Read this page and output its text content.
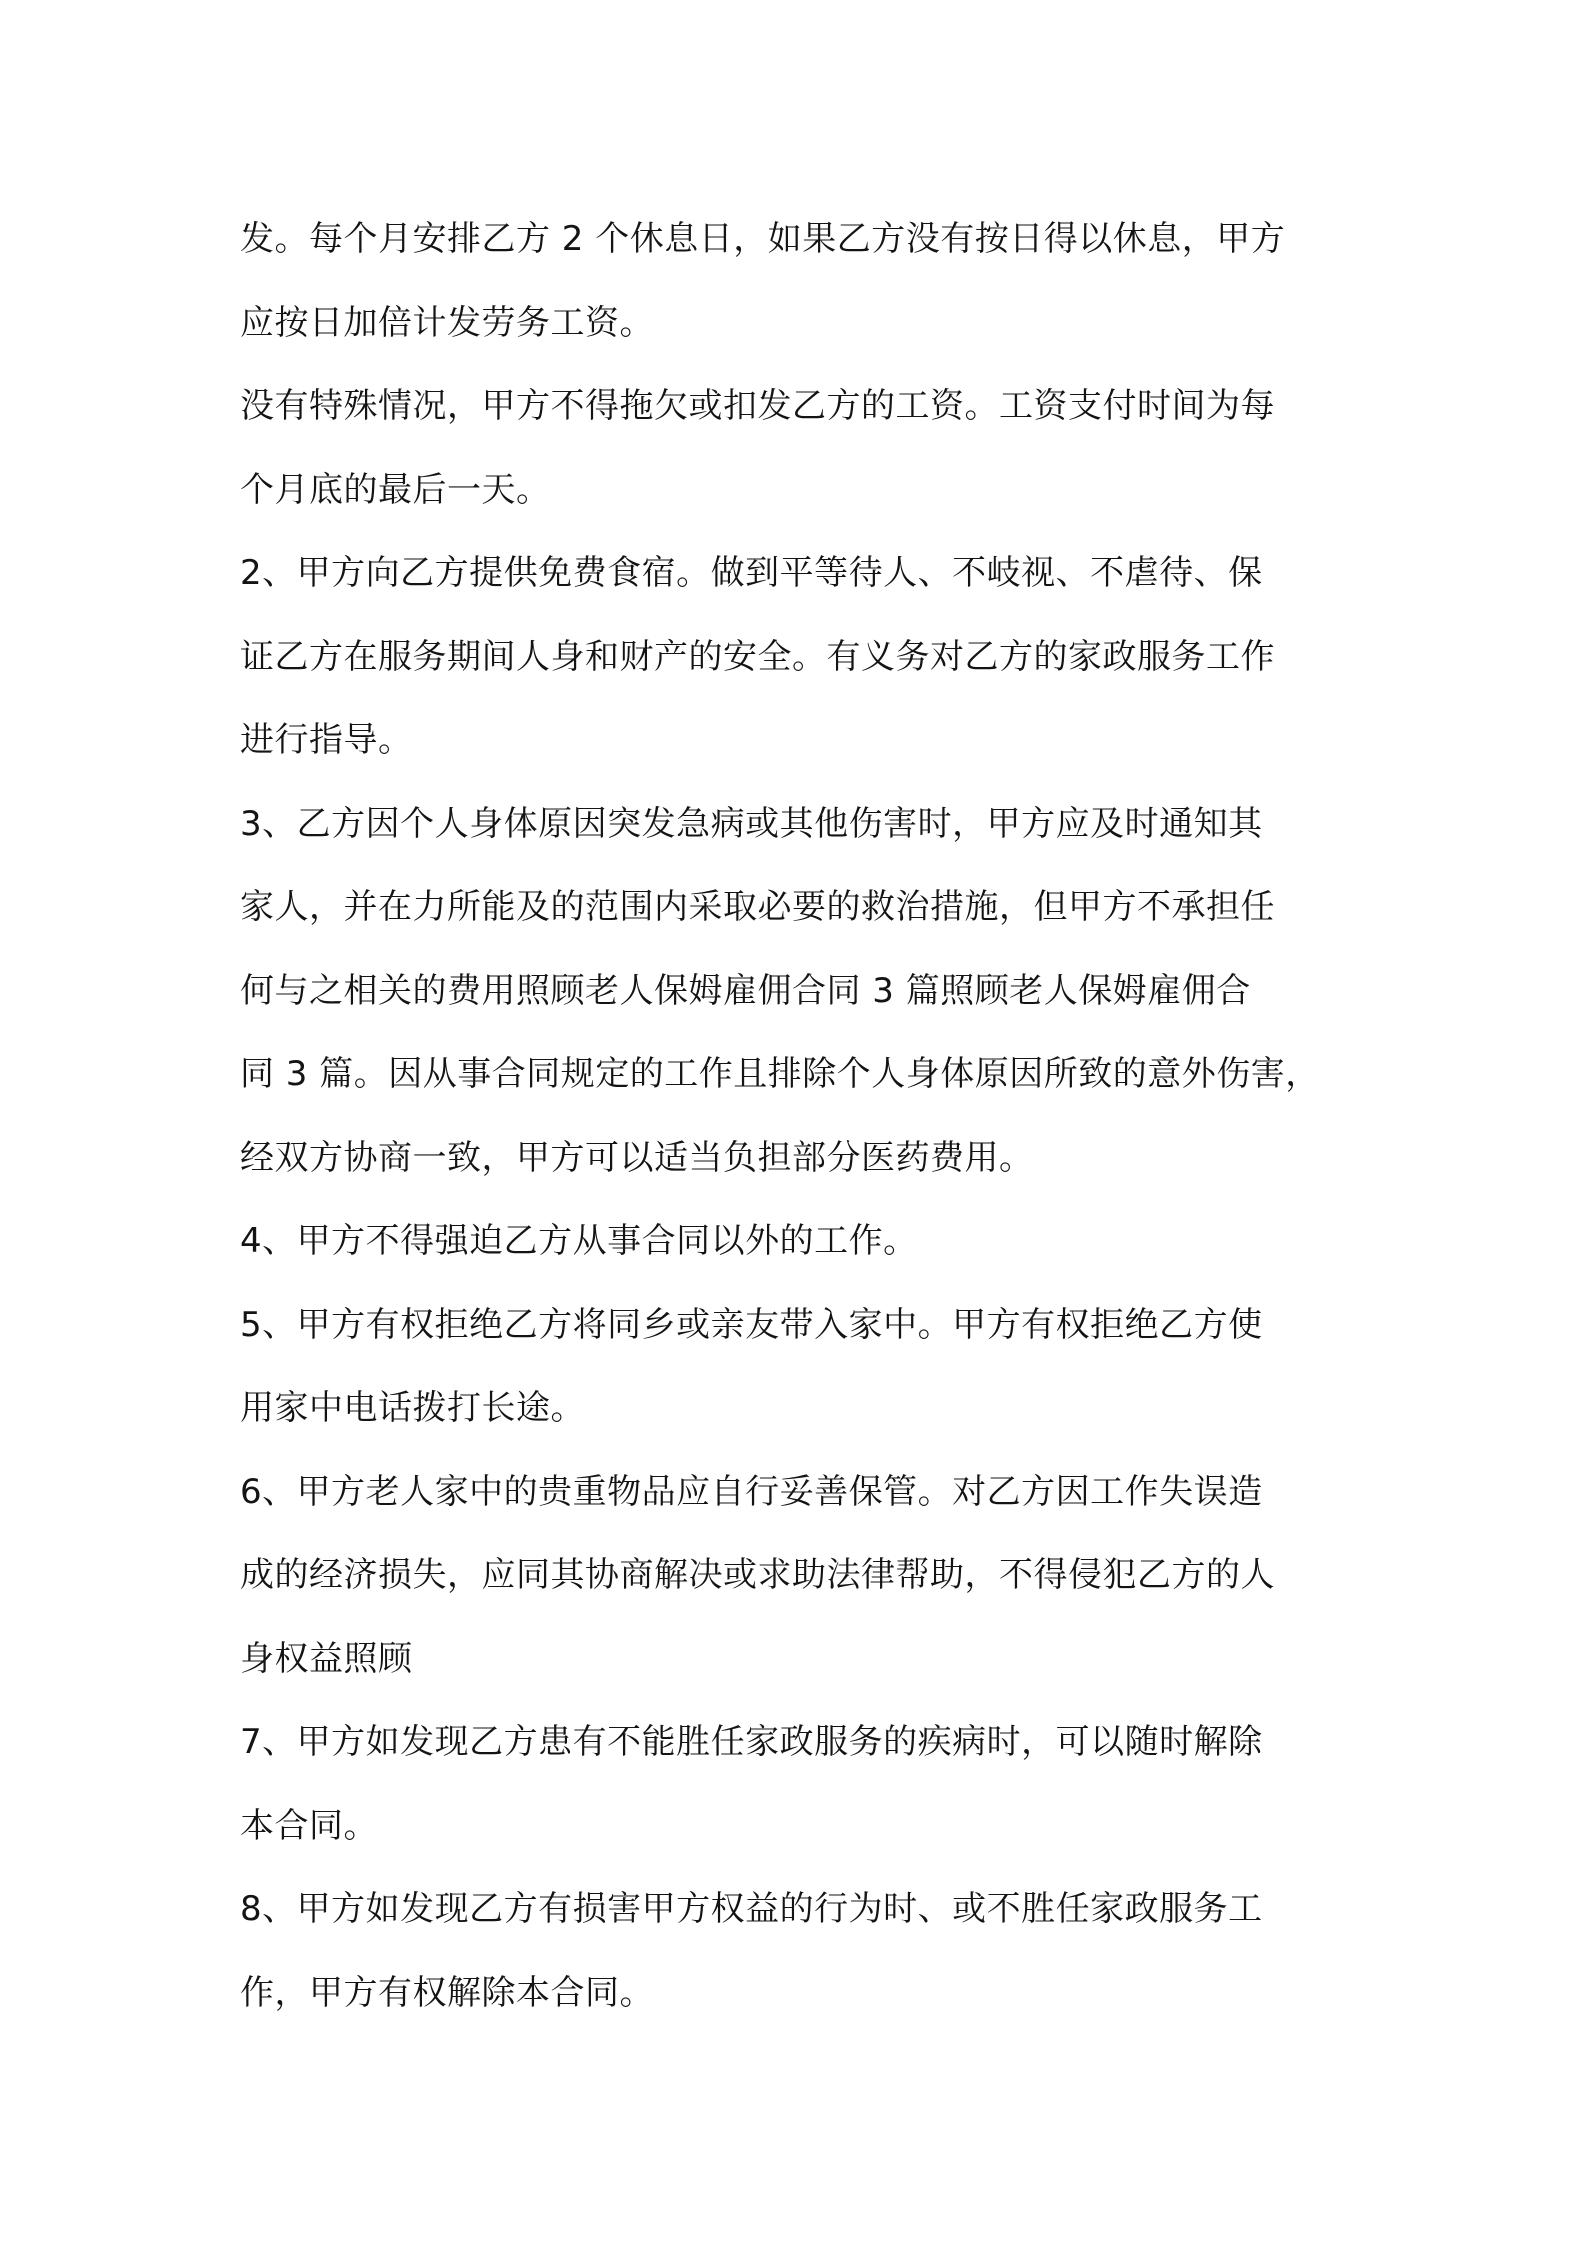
发。每个月安排乙方 2 个休息日，如果乙方没有按日得以休息，甲方
应按日加倍计发劳务工资。

没有特殊情况，甲方不得拖欠或扣发乙方的工资。工资支付时间为每
个月底的最后一天。

2、甲方向乙方提供免费食宿。做到平等待人、不岐视、不虐待、保
证乙方在服务期间人身和财产的安全。有义务对乙方的家政服务工作
进行指导。

3、乙方因个人身体原因突发急病或其他伤害时，甲方应及时通知其
家人，并在力所能及的范围内采取必要的救治措施，但甲方不承担任
何与之相关的费用照顾老人保姆雇佣合同 3 篇照顾老人保姆雇佣合
同 3 篇。因从事合同规定的工作且排除个人身体原因所致的意外伤害，
经双方协商一致，甲方可以适当负担部分医药费用。

4、甲方不得强迫乙方从事合同以外的工作。

5、甲方有权拒绝乙方将同乡或亲友带入家中。甲方有权拒绝乙方使
用家中电话拨打长途。

6、甲方老人家中的贵重物品应自行妥善保管。对乙方因工作失误造
成的经济损失，应同其协商解决或求助法律帮助，不得侵犯乙方的人
身权益照顾

7、甲方如发现乙方患有不能胜任家政服务的疾病时，可以随时解除
本合同。

8、甲方如发现乙方有损害甲方权益的行为时、或不胜任家政服务工
作，甲方有权解除本合同。
